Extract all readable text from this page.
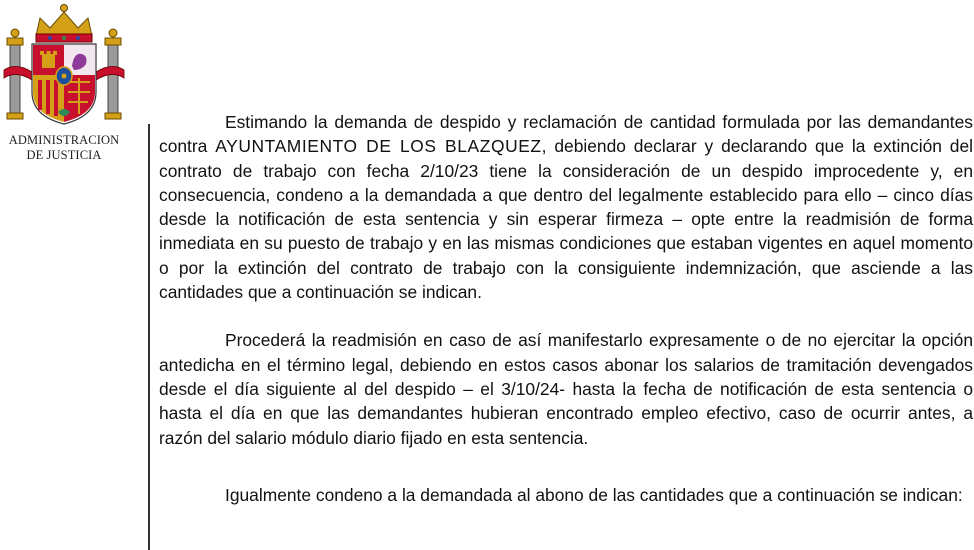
ADMINISTRACION
DE JUSTICIA

Estimando la demanda de despido y reclamación de cantidad formulada por las demandantes contra AYUNTAMIENTO DE LOS BLAZQUEZ, debiendo declarar y declarando que la extinción del contrato de trabajo con fecha 2/10/23 tiene la consideración de un despido improcedente y, en consecuencia, condeno a la demandada a que dentro del legalmente establecido para ello – cinco días desde la notificación de esta sentencia y sin esperar firmeza – opte entre la readmisión de forma inmediata en su puesto de trabajo y en las mismas condiciones que estaban vigentes en aquel momento o por la extinción del contrato de trabajo con la consiguiente indemnización, que asciende a las cantidades que a continuación se indican.

Procederá la readmisión en caso de así manifestarlo expresamente o de no ejercitar la opción antedicha en el término legal, debiendo en estos casos abonar los salarios de tramitación devengados desde el día siguiente al del despido – el 3/10/24- hasta la fecha de notificación de esta sentencia o hasta el día en que las demandantes hubieran encontrado empleo efectivo, caso de ocurrir antes, a razón del salario módulo diario fijado en esta sentencia.

Igualmente condeno a la demandada al abono de las cantidades que a continuación se indican:
